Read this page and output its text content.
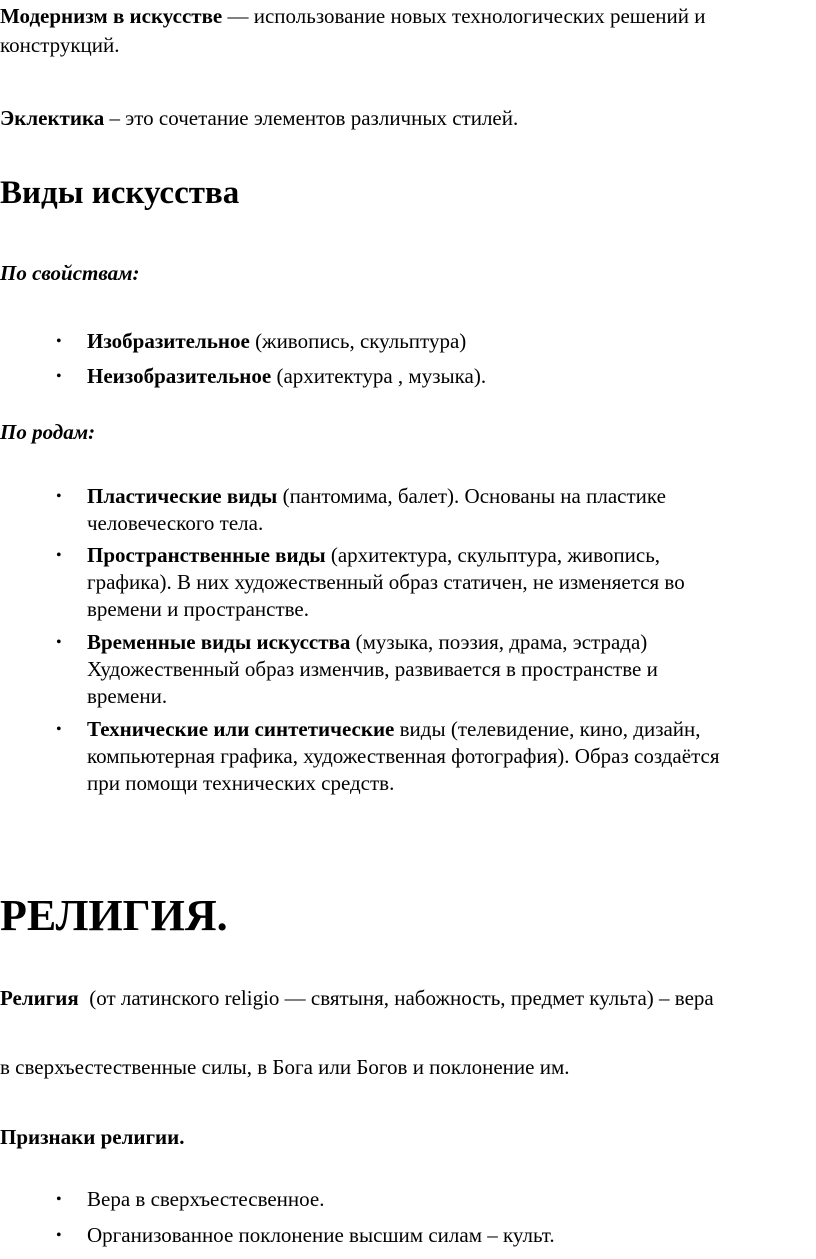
Модернизм в искусстве — использование новых технологических решений и
конструкций.
Эклектика – это сочетание элементов различных стилей.
Виды искусства
По свойствам:
• Изобразительное (живопись, скульптура)
• Неизобразительное (архитектура , музыка).
По родам:
• Пластические виды (пантомима, балет). Основаны на пластике
человеческого тела.
• Пространственные виды (архитектура, скульптура, живопись,
графика). В них художественный образ статичен, не изменяется во
времени и пространстве.
• Временные виды искусства (музыка, поэзия, драма, эстрада)
Художественный образ изменчив, развивается в пространстве и
времени.
• Технические или синтетические виды (телевидение, кино, дизайн,
компьютерная графика, художественная фотография). Образ создаётся
при помощи технических средств.
РЕЛИГИЯ.
Религия  (от латинского religio — святыня, набожность, предмет культа) – вера
в сверхъестественные силы, в Бога или Богов и поклонение им.
Признаки религии.
• Вера в сверхъестесвенное.
• Организованное поклонение высшим силам – культ.
